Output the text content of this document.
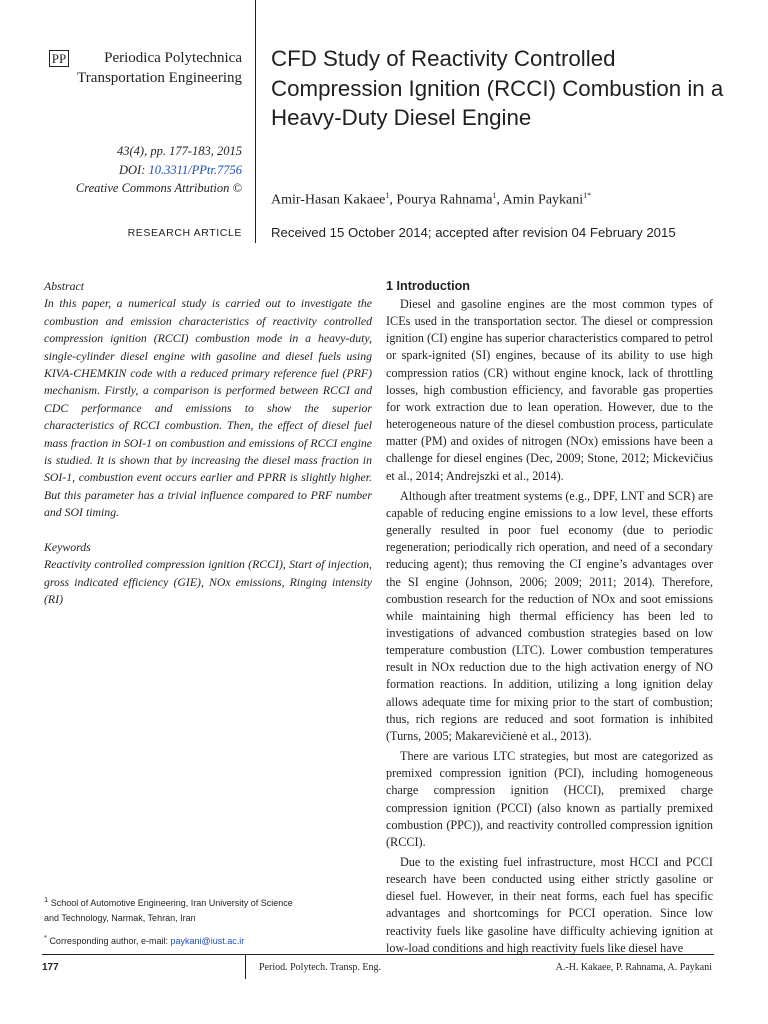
PP	Periodica Polytechnica
Transportation Engineering
43(4), pp. 177-183, 2015
DOI: 10.3311/PPtr.7756
Creative Commons Attribution ©
RESEARCH ARTICLE
CFD Study of Reactivity Controlled Compression Ignition (RCCI) Combustion in a Heavy-Duty Diesel Engine
Amir-Hasan Kakaee$^1$, Pourya Rahnama$^1$, Amin Paykani$^{1*}$
Received 15 October 2014; accepted after revision 04 February 2015
Abstract

In this paper, a numerical study is carried out to investigate the combustion and emission characteristics of reactivity controlled compression ignition (RCCI) combustion mode in a heavy-duty, single-cylinder diesel engine with gasoline and diesel fuels using KIVA-CHEMKIN code with a reduced primary reference fuel (PRF) mechanism. Firstly, a comparison is performed between RCCI and CDC performance and emissions to show the superior characteristics of RCCI combustion. Then, the effect of diesel fuel mass fraction in SOI-1 on combustion and emissions of RCCI engine is studied. It is shown that by increasing the diesel mass fraction in SOI-1, combustion event occurs earlier and PPRR is slightly higher. But this parameter has a trivial influence compared to PRF number and SOI timing.

Keywords

Reactivity controlled compression ignition (RCCI), Start of injection, gross indicated efficiency (GIE), NOx emissions, Ringing intensity (RI)

$^1$ School of Automotive Engineering, Iran University of Science

and Technology, Narmak, Tehran, Iran

* Corresponding author, e-mail: paykani@iust.ac.ir

1 Introduction

Diesel and gasoline engines are the most common types of ICEs used in the transportation sector. The diesel or compression ignition (CI) engine has superior characteristics compared to petrol or spark-ignited (SI) engines, because of its ability to use high compression ratios (CR) without engine knock, lack of throttling losses, high combustion efficiency, and favorable gas properties for work extraction due to lean operation. However, due to the heterogeneous nature of the diesel combustion process, particulate matter (PM) and oxides of nitrogen (NOx) emissions have been a challenge for diesel engines (Dec, 2009; Stone, 2012; Mickevičius et al., 2014; Andrejszki et al., 2014).

Although after treatment systems (e.g., DPF, LNT and SCR) are capable of reducing engine emissions to a low level, these efforts generally resulted in poor fuel economy (due to periodic regeneration; periodically rich operation, and need of a secondary reducing agent); thus removing the CI engine’s advantages over the SI engine (Johnson, 2006; 2009; 2011; 2014). Therefore, combustion research for the reduction of NOx and soot emissions while maintaining high thermal efficiency has been led to investigations of advanced combustion strategies based on low temperature combustion (LTC). Lower combustion temperatures result in NOx reduction due to the high activation energy of NO formation reactions. In addition, utilizing a long ignition delay allows adequate time for mixing prior to the start of combustion; thus, rich regions are reduced and soot formation is inhibited (Turns, 2005; Makarevičienė et al., 2013).

There are various LTC strategies, but most are categorized as premixed compression ignition (PCI), including homogeneous charge compression ignition (HCCI), premixed charge compression ignition (PCCI) (also known as partially premixed combustion (PPC)), and reactivity controlled compression ignition (RCCI).

Due to the existing fuel infrastructure, most HCCI and PCCI research have been conducted using either strictly gasoline or diesel fuel. However, in their neat forms, each fuel has specific advantages and shortcomings for PCCI operation. Since low reactivity fuels like gasoline have difficulty achieving ignition at low-load conditions and high reactivity fuels like diesel have

177	Period. Polytech. Transp. Eng.	A.-H. Kakaee, P. Rahnama, A. Paykani
